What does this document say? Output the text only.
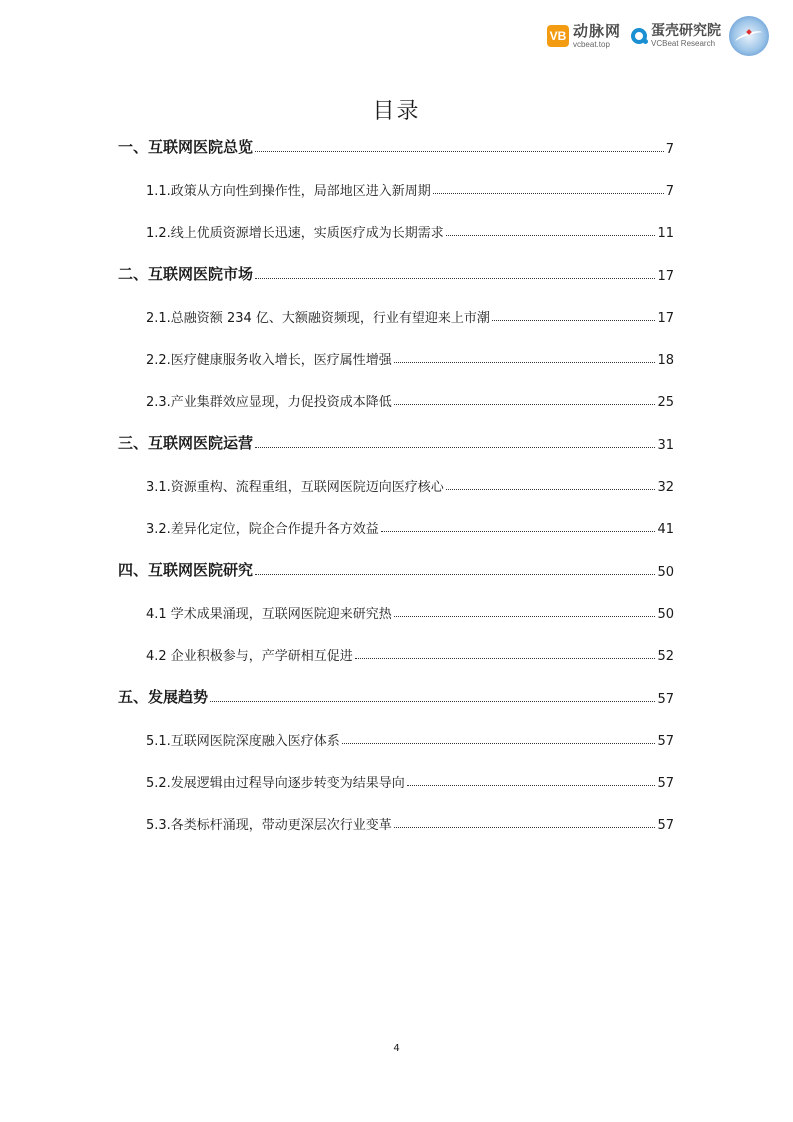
VB 动脉网
vcbeat.top
蛋壳研究院
VCBeat Research
目录
一、互联网医院总览	7
1.1.政策从方向性到操作性，局部地区进入新周期	7
1.2.线上优质资源增长迅速，实质医疗成为长期需求	11
二、互联网医院市场	17
2.1.总融资额 234 亿、大额融资频现，行业有望迎来上市潮	17
2.2.医疗健康服务收入增长，医疗属性增强	18
2.3.产业集群效应显现，力促投资成本降低	25
三、互联网医院运营	31
3.1.资源重构、流程重组，互联网医院迈向医疗核心	32
3.2.差异化定位，院企合作提升各方效益	41
四、互联网医院研究	50
4.1 学术成果涌现，互联网医院迎来研究热	50
4.2 企业积极参与，产学研相互促进	52
五、发展趋势	57
5.1.互联网医院深度融入医疗体系	57
5.2.发展逻辑由过程导向逐步转变为结果导向	57
5.3.各类标杆涌现，带动更深层次行业变革	57
4
